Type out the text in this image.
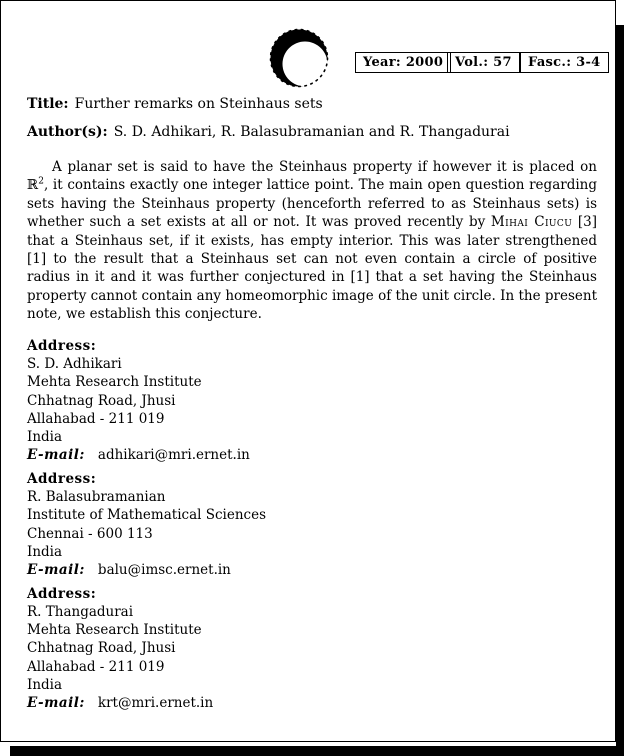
Year: 2000 Vol.: 57	Fasc.: 3-4
Title: Further remarks on Steinhaus sets
Author(s): S. D. Adhikari, R. Balasubramanian and R. Thangadurai

A planar set is said to have the Steinhaus property if however it is placed on ℝ$^2$, it contains exactly one integer lattice point. The main open question regarding sets having the Steinhaus property (henceforth referred to as Steinhaus sets) is whether such a set exists at all or not. It was proved recently by Mihai Ciucu [3] that a Steinhaus set, if it exists, has empty interior. This was later strengthened [1] to the result that a Steinhaus set can not even contain a circle of positive radius in it and it was further conjectured in [1] that a set having the Steinhaus property cannot contain any homeomorphic image of the unit circle. In the present note, we establish this conjecture.

Address:
S. D. Adhikari
Mehta Research Institute
Chhatnag Road, Jhusi
Allahabad - 211 019
India
E-mail: adhikari@mri.ernet.in
Address:
R. Balasubramanian
Institute of Mathematical Sciences
Chennai - 600 113
India
E-mail: balu@imsc.ernet.in
Address:
R. Thangadurai
Mehta Research Institute
Chhatnag Road, Jhusi
Allahabad - 211 019
India
E-mail: krt@mri.ernet.in
